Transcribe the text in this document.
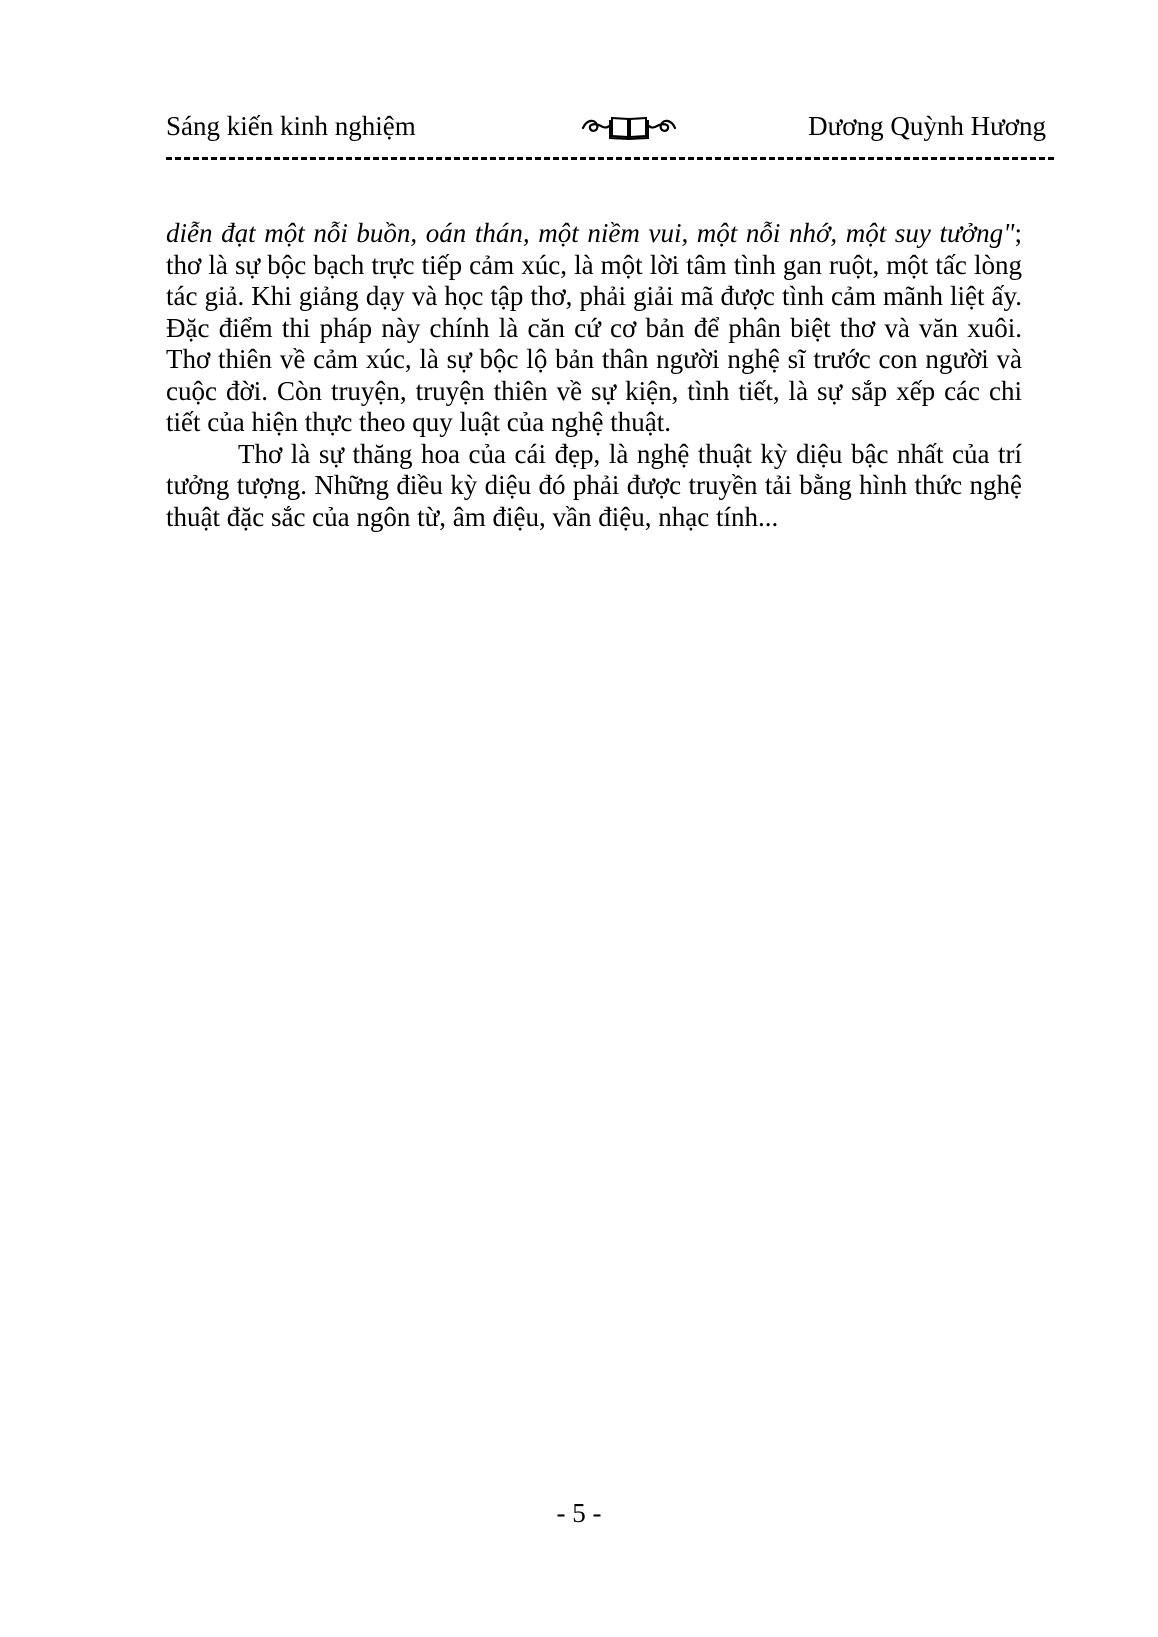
Sáng kiến kinh nghiệm	Dương Quỳnh Hương

diễn đạt một nỗi buồn, oán thán, một niềm vui, một nỗi nhớ, một suy tưởng"; thơ là sự bộc bạch trực tiếp cảm xúc, là một lời tâm tình gan ruột, một tấc lòng tác giả. Khi giảng dạy và học tập thơ, phải giải mã được tình cảm mãnh liệt ấy. Đặc điểm thi pháp này chính là căn cứ cơ bản để phân biệt thơ và văn xuôi. Thơ thiên về cảm xúc, là sự bộc lộ bản thân người nghệ sĩ trước con người và cuộc đời. Còn truyện, truyện thiên về sự kiện, tình tiết, là sự sắp xếp các chi tiết của hiện thực theo quy luật của nghệ thuật.

Thơ là sự thăng hoa của cái đẹp, là nghệ thuật kỳ diệu bậc nhất của trí tưởng tượng. Những điều kỳ diệu đó phải được truyền tải bằng hình thức nghệ thuật đặc sắc của ngôn từ, âm điệu, vần điệu, nhạc tính...

- 5 -
